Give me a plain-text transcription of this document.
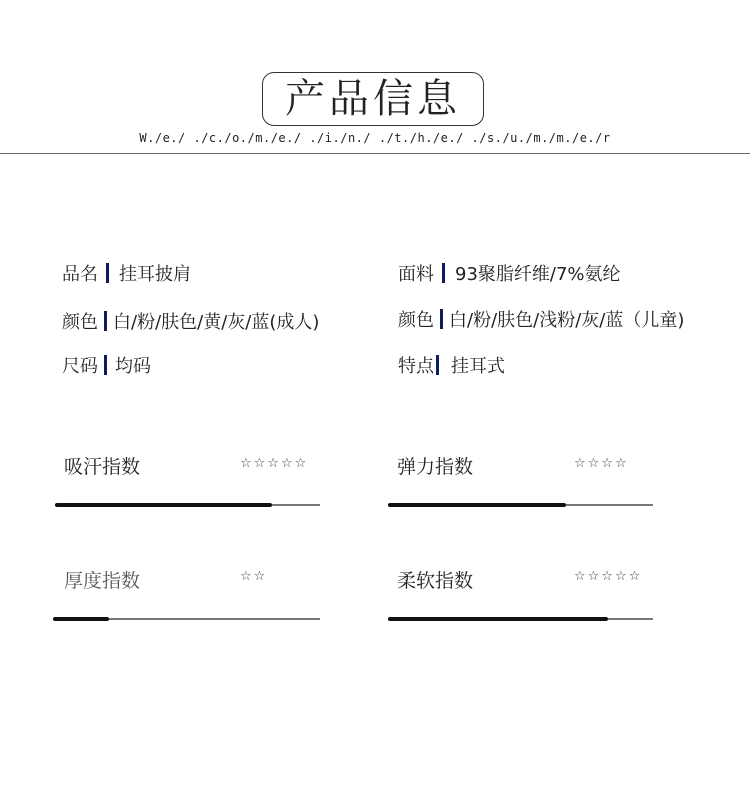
产品信息
W./e./ ./c./o./m./e./ ./i./n./ ./t./h./e./ ./s./u./m./m./e./r
品名 挂耳披肩	面料 93聚脂纤维/7%氨纶
颜色 白/粉/肤色/黄/灰/蓝(成人)	颜色 白/粉/肤色/浅粉/灰/蓝（儿童)
尺码 均码	特点 挂耳式
吸汗指数	☆☆☆☆☆	弹力指数	☆☆☆☆
厚度指数	☆☆	柔软指数	☆☆☆☆☆
